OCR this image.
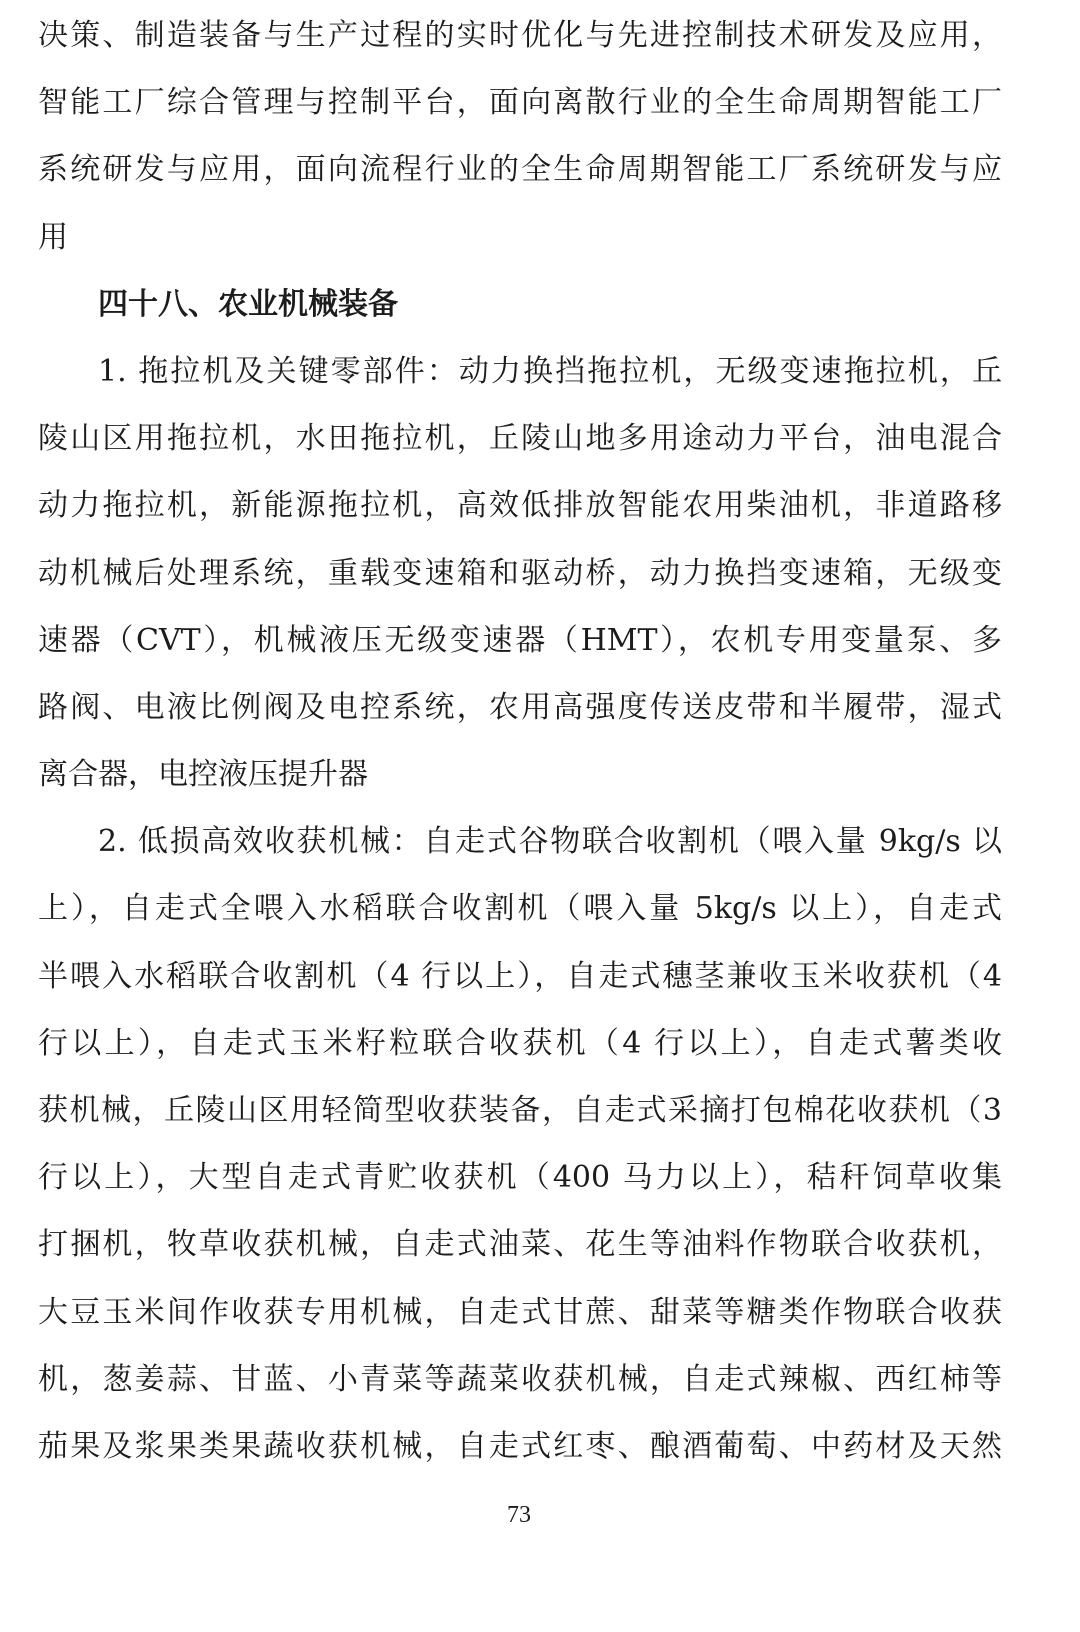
决策、制造装备与生产过程的实时优化与先进控制技术研发及应用，

智能工厂综合管理与控制平台，面向离散行业的全生命周期智能工厂

系统研发与应用，面向流程行业的全生命周期智能工厂系统研发与应

用

四十八、农业机械装备

1. 拖拉机及关键零部件：动力换挡拖拉机，无级变速拖拉机，丘

陵山区用拖拉机，水田拖拉机，丘陵山地多用途动力平台，油电混合

动力拖拉机，新能源拖拉机，高效低排放智能农用柴油机，非道路移

动机械后处理系统，重载变速箱和驱动桥，动力换挡变速箱，无级变

速器（CVT），机械液压无级变速器（HMT），农机专用变量泵、多

路阀、电液比例阀及电控系统，农用高强度传送皮带和半履带，湿式

离合器，电控液压提升器

2. 低损高效收获机械：自走式谷物联合收割机（喂入量 9kg/s 以

上），自走式全喂入水稻联合收割机（喂入量 5kg/s 以上），自走式

半喂入水稻联合收割机（4 行以上），自走式穗茎兼收玉米收获机（4

行以上），自走式玉米籽粒联合收获机（4 行以上），自走式薯类收

获机械，丘陵山区用轻简型收获装备，自走式采摘打包棉花收获机（3

行以上），大型自走式青贮收获机（400 马力以上），秸秆饲草收集

打捆机，牧草收获机械，自走式油菜、花生等油料作物联合收获机，

大豆玉米间作收获专用机械，自走式甘蔗、甜菜等糖类作物联合收获

机，葱姜蒜、甘蓝、小青菜等蔬菜收获机械，自走式辣椒、西红柿等

茄果及浆果类果蔬收获机械，自走式红枣、酿酒葡萄、中药材及天然

73
